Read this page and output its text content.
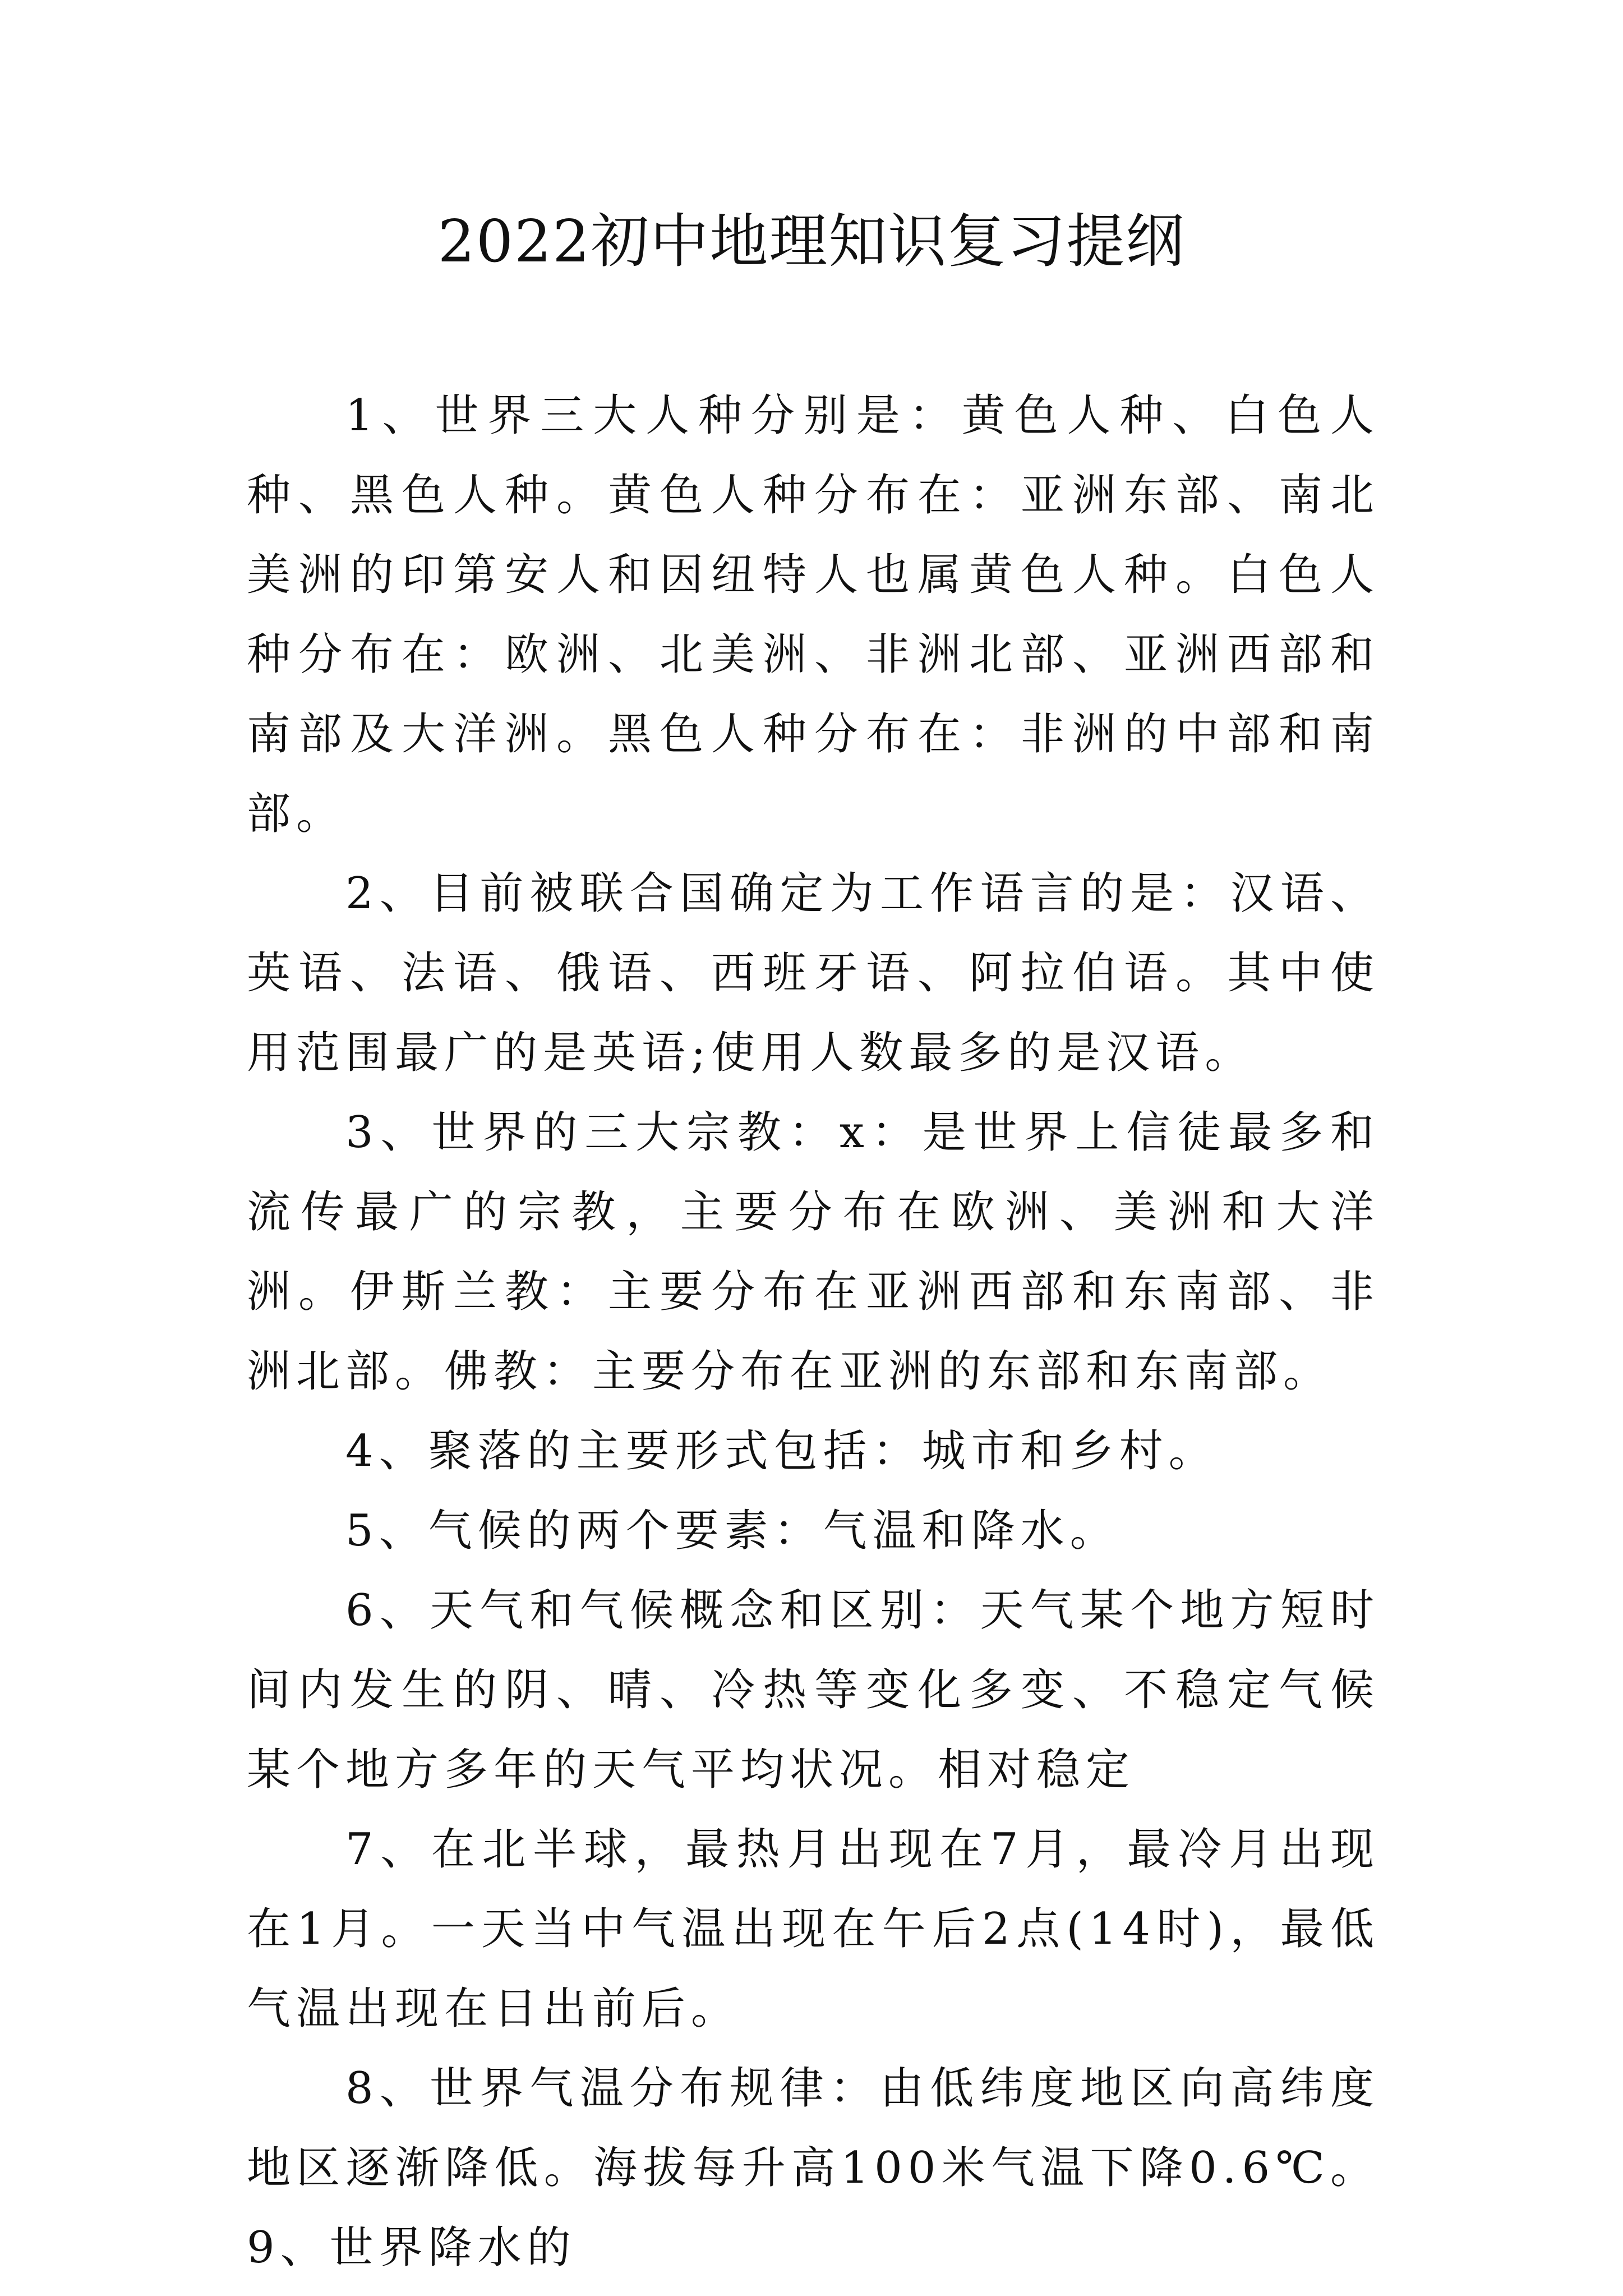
2022初中地理知识复习提纲

1、世界三大人种分别是：黄色人种、白色人种、黑色人种。黄色人种分布在：亚洲东部、南北美洲的印第安人和因纽特人也属黄色人种。白色人种分布在：欧洲、北美洲、非洲北部、亚洲西部和南部及大洋洲。黑色人种分布在：非洲的中部和南部。

2、目前被联合国确定为工作语言的是：汉语、英语、法语、俄语、西班牙语、阿拉伯语。其中使用范围最广的是英语;使用人数最多的是汉语。

3、世界的三大宗教：x：是世界上信徒最多和流传最广的宗教，主要分布在欧洲、美洲和大洋洲。伊斯兰教：主要分布在亚洲西部和东南部、非洲北部。佛教：主要分布在亚洲的东部和东南部。

4、聚落的主要形式包括：城市和乡村。

5、气候的两个要素：气温和降水。

6、天气和气候概念和区别：天气某个地方短时间内发生的阴、晴、冷热等变化多变、不稳定气候某个地方多年的天气平均状况。相对稳定

7、在北半球，最热月出现在7月，最冷月出现在1月。一天当中气温出现在午后2点(14时)，最低气温出现在日出前后。

8、世界气温分布规律：由低纬度地区向高纬度地区逐渐降低。海拔每升高100米气温下降0.6℃。9、世界降水的
